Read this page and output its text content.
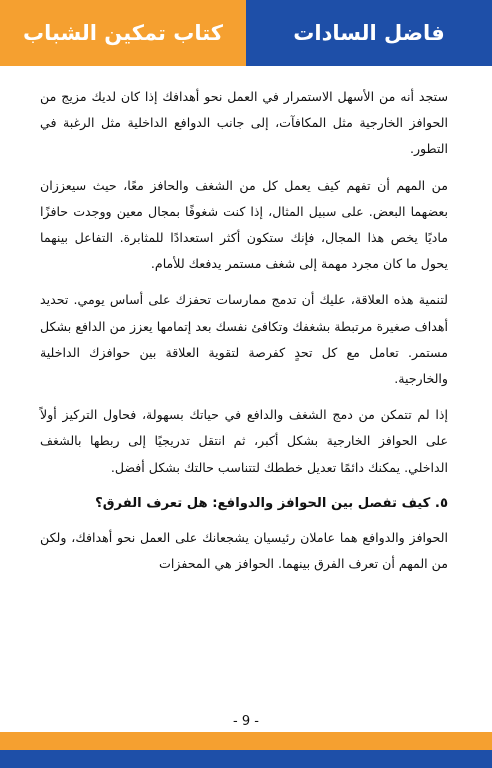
كتاب تمكين الشباب	فاضل السادات

ستجد أنه من الأسهل الاستمرار في العمل نحو أهدافك إذا كان لديك مزيج من الحوافز الخارجية مثل المكافآت، إلى جانب الدوافع الداخلية مثل الرغبة في التطور.

من المهم أن تفهم كيف يعمل كل من الشغف والحافز معًا، حيث سيعززان بعضهما البعض. على سبيل المثال، إذا كنت شغوفًا بمجال معين ووجدت حافزًا ماديًا يخص هذا المجال، فإنك ستكون أكثر استعدادًا للمثابرة. التفاعل بينهما يحول ما كان مجرد مهمة إلى شغف مستمر يدفعك للأمام.

لتنمية هذه العلاقة، عليك أن تدمج ممارسات تحفزك على أساس يومي. تحديد أهداف صغيرة مرتبطة بشغفك وتكافئ نفسك بعد إتمامها يعزز من الدافع بشكل مستمر. تعامل مع كل تحدٍ كفرصة لتقوية العلاقة بين حوافزك الداخلية والخارجية.

إذا لم تتمكن من دمج الشغف والدافع في حياتك بسهولة، فحاول التركيز أولاً على الحوافز الخارجية بشكل أكبر، ثم انتقل تدريجيًا إلى ربطها بالشغف الداخلي. يمكنك دائمًا تعديل خططك لتتناسب حالتك بشكل أفضل.

٥. كيف تفصل بين الحوافز والدوافع: هل تعرف الفرق؟

الحوافز والدوافع هما عاملان رئيسيان يشجعانك على العمل نحو أهدافك، ولكن من المهم أن تعرف الفرق بينهما. الحوافز هي المحفزات

- 9 -
